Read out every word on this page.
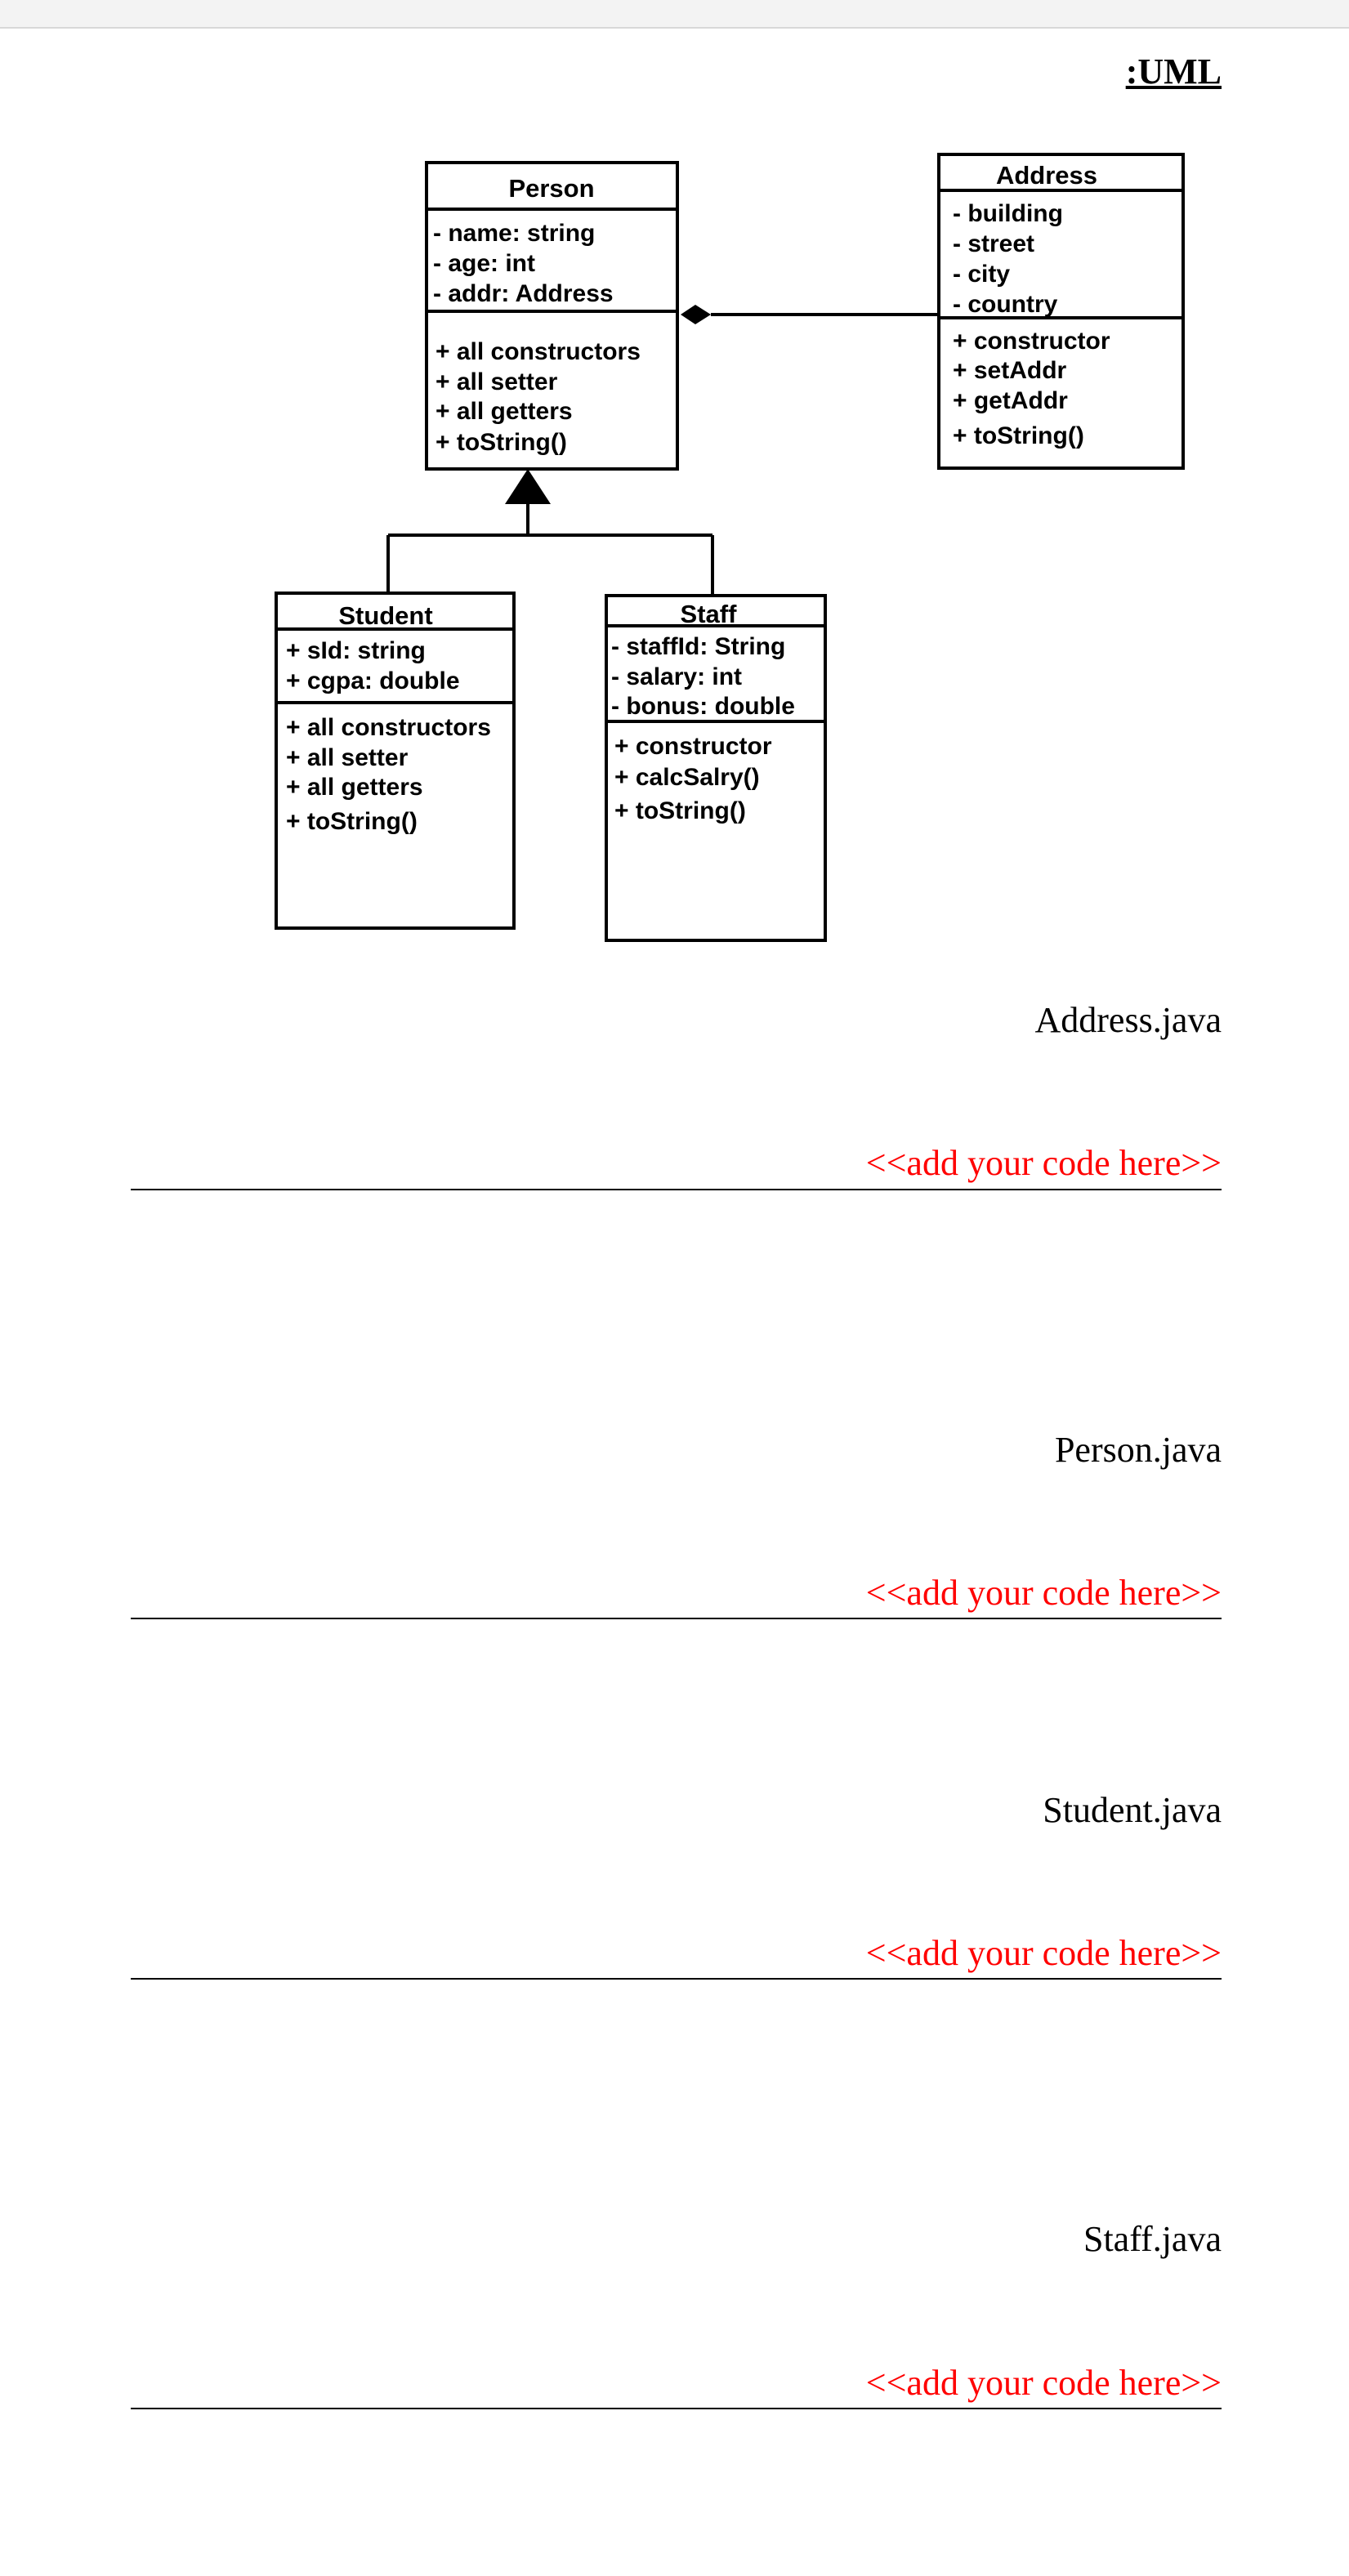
:UML

Person
- name: string
- age: int
- addr: Address
+ all constructors
+ all setter
+ all getters
+ toString()
Address
- building
- street
- city
- country
+ constructor
+ setAddr
+ getAddr
+ toString()
Student
+ sId: string
+ cgpa: double
+ all constructors
+ all setter
+ all getters
+ toString()
Staff
- staffId: String
- salary: int
- bonus: double
+ constructor
+ calcSalry()
+ toString()

Address.java

<<add your code here>>

Person.java

<<add your code here>>

Student.java

<<add your code here>>

Staff.java

<<add your code here>>
